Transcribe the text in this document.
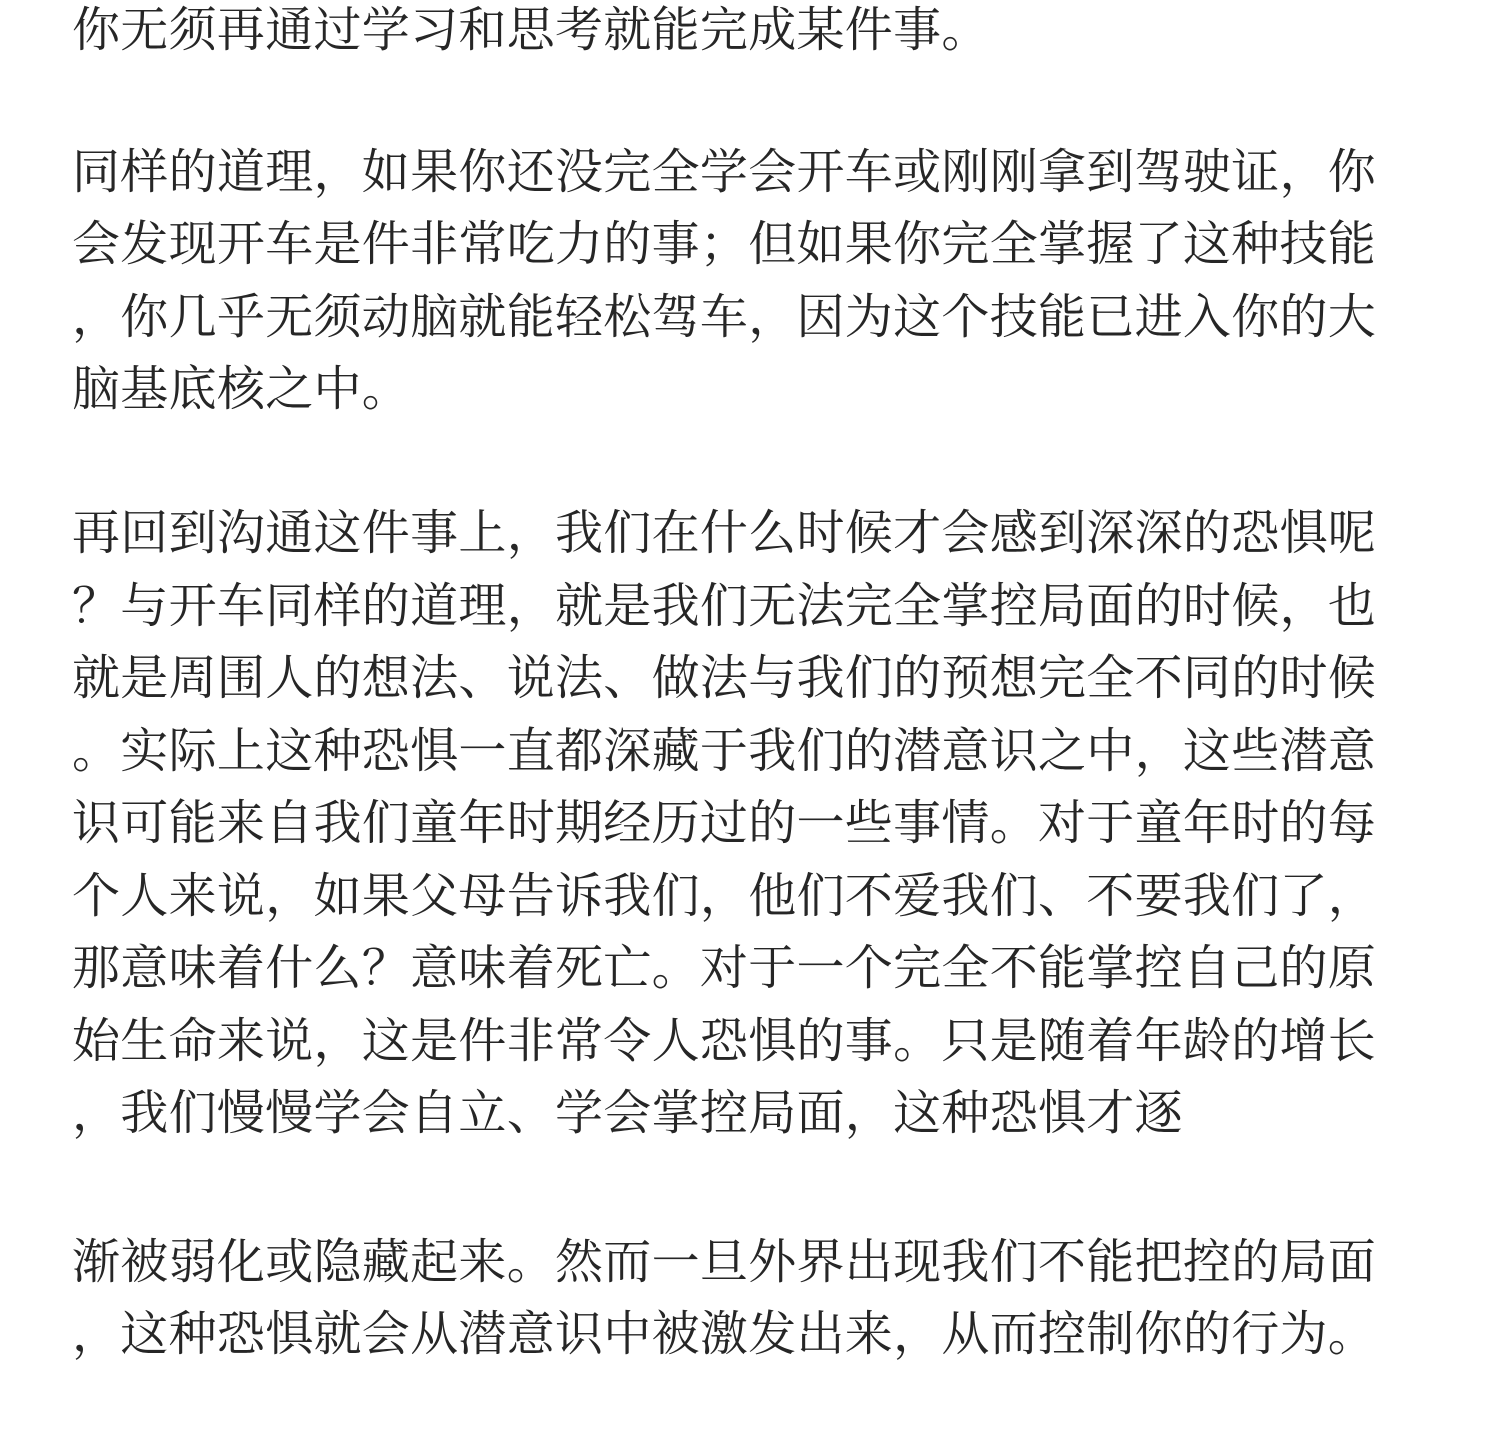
你无须再通过学习和思考就能完成某件事。
同样的道理，如果你还没完全学会开车或刚刚拿到驾驶证，你
会发现开车是件非常吃力的事；但如果你完全掌握了这种技能
，你几乎无须动脑就能轻松驾车，因为这个技能已进入你的大
脑基底核之中。
再回到沟通这件事上，我们在什么时候才会感到深深的恐惧呢
？与开车同样的道理，就是我们无法完全掌控局面的时候，也
就是周围人的想法、说法、做法与我们的预想完全不同的时候
。实际上这种恐惧一直都深藏于我们的潜意识之中，这些潜意
识可能来自我们童年时期经历过的一些事情。对于童年时的每
个人来说，如果父母告诉我们，他们不爱我们、不要我们了，
那意味着什么？意味着死亡。对于一个完全不能掌控自己的原
始生命来说，这是件非常令人恐惧的事。只是随着年龄的增长
，我们慢慢学会自立、学会掌控局面，这种恐惧才逐
渐被弱化或隐藏起来。然而一旦外界出现我们不能把控的局面
，这种恐惧就会从潜意识中被激发出来，从而控制你的行为。
